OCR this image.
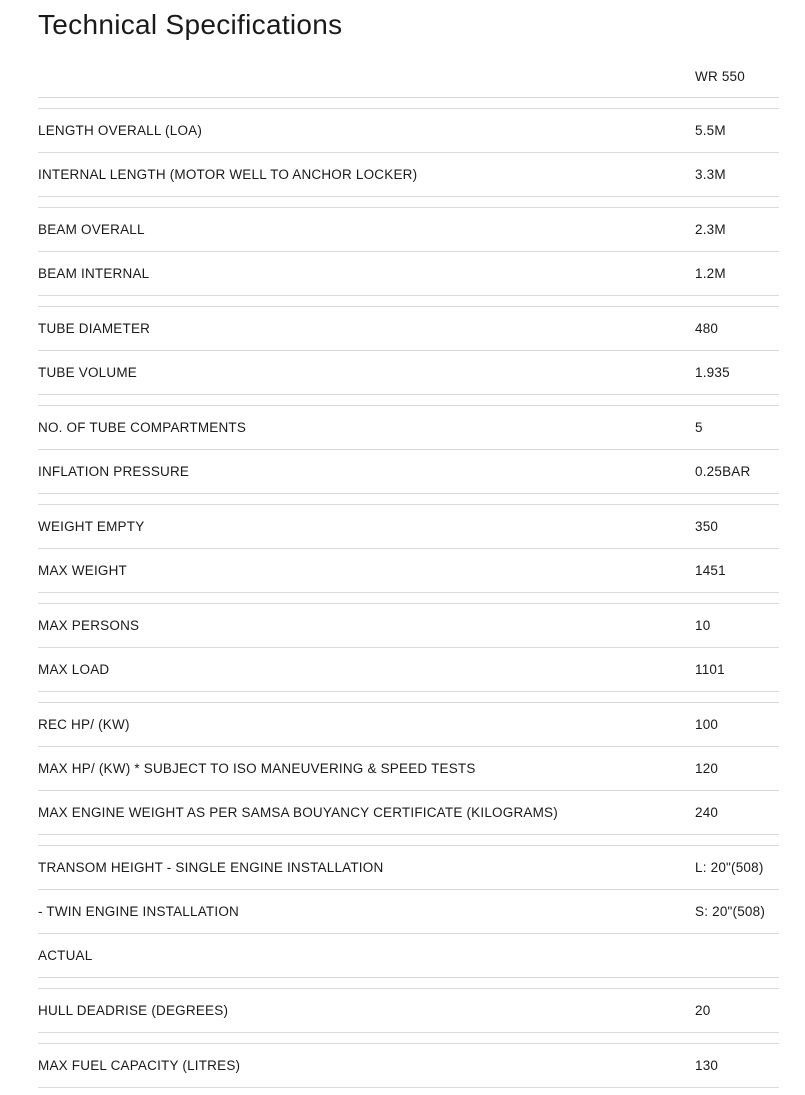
Technical Specifications
WR 550
LENGTH OVERALL (LOA)	5.5M
INTERNAL LENGTH (MOTOR WELL TO ANCHOR LOCKER)	3.3M
BEAM OVERALL	2.3M
BEAM INTERNAL	1.2M
TUBE DIAMETER	480
TUBE VOLUME	1.935
NO. OF TUBE COMPARTMENTS	5
INFLATION PRESSURE	0.25BAR
WEIGHT EMPTY	350
MAX WEIGHT	1451
MAX PERSONS	10
MAX LOAD	1101
REC HP/ (KW)	100
MAX HP/ (KW) * SUBJECT TO ISO MANEUVERING & SPEED TESTS	120
MAX ENGINE WEIGHT AS PER SAMSA BOUYANCY CERTIFICATE (KILOGRAMS)	240
TRANSOM HEIGHT - SINGLE ENGINE INSTALLATION	L: 20"(508)
- TWIN ENGINE INSTALLATION	S: 20"(508)
ACTUAL
HULL DEADRISE (DEGREES)	20
MAX FUEL CAPACITY (LITRES)	130
